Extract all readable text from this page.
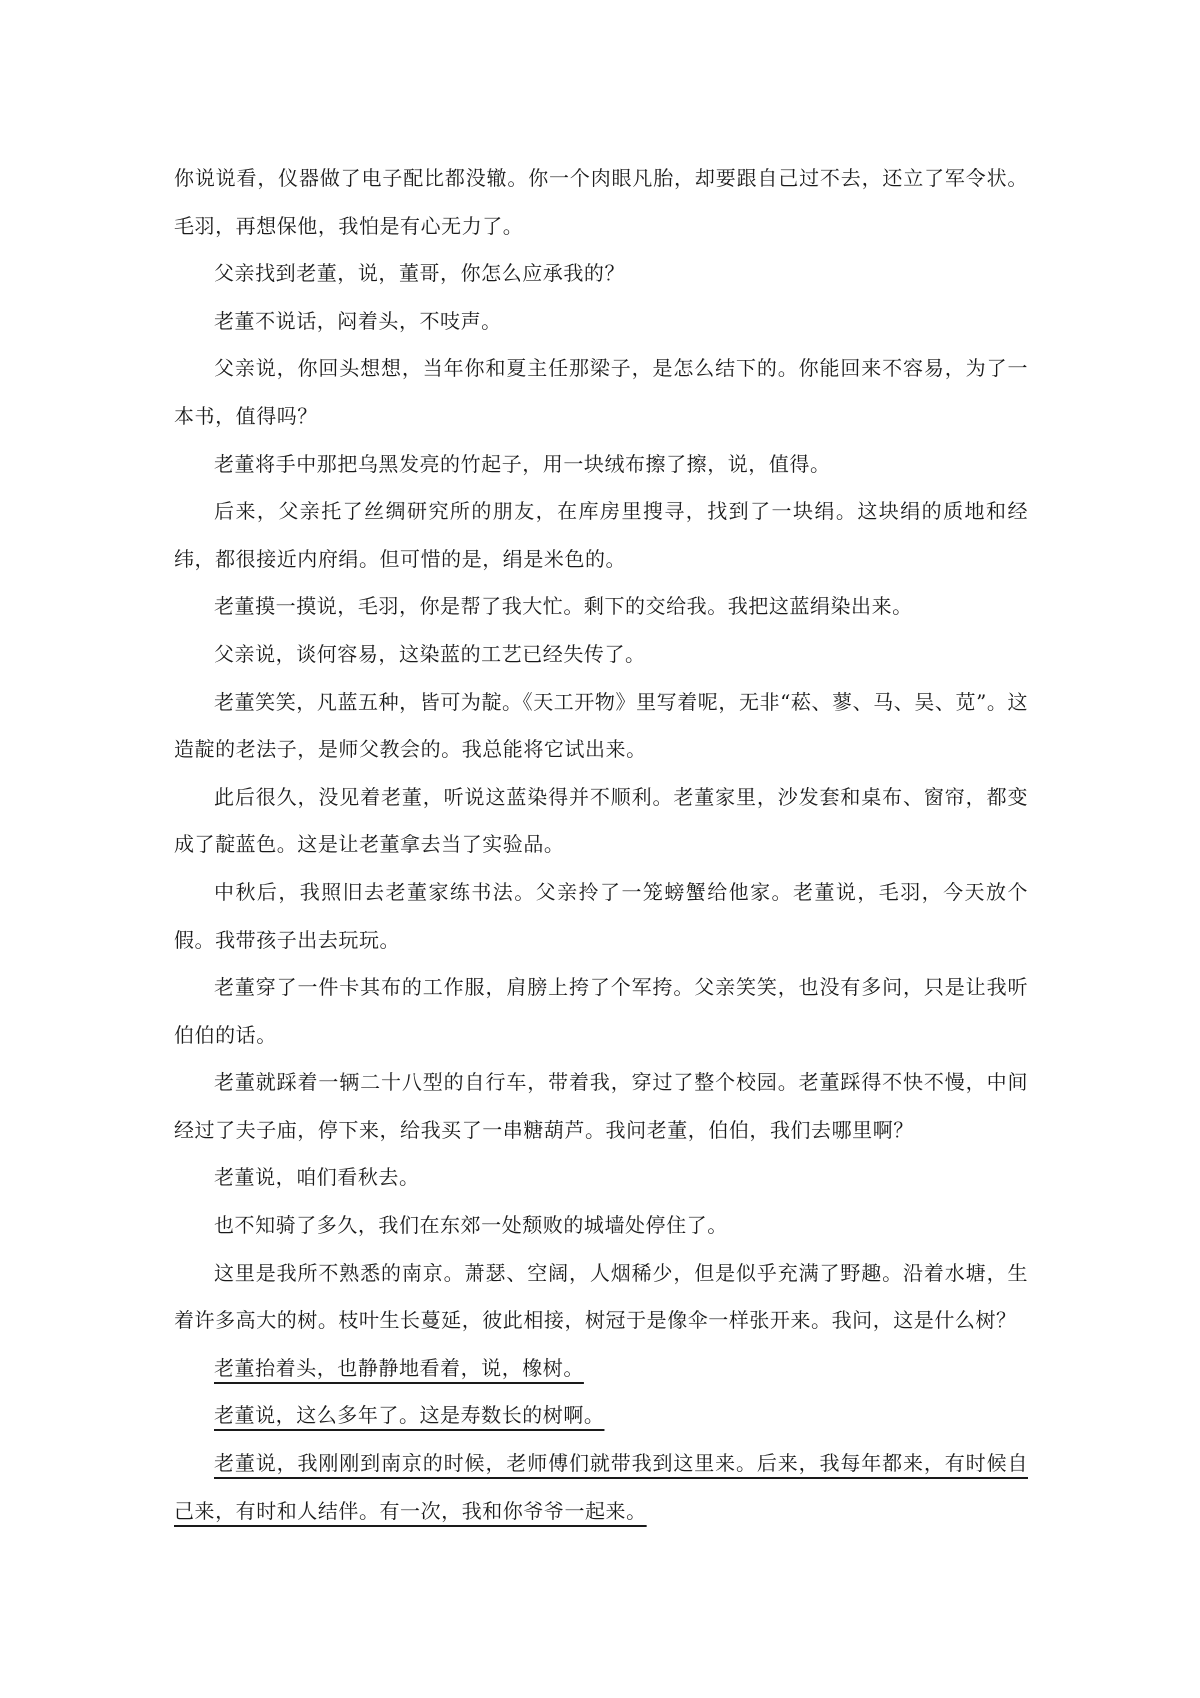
你说说看，仪器做了电子配比都没辙。你一个肉眼凡胎，却要跟自己过不去，还立了军令状。毛羽，再想保他，我怕是有心无力了。

父亲找到老董，说，董哥，你怎么应承我的？

老董不说话，闷着头，不吱声。

父亲说，你回头想想，当年你和夏主任那梁子，是怎么结下的。你能回来不容易，为了一本书，值得吗？

老董将手中那把乌黑发亮的竹起子，用一块绒布擦了擦，说，值得。

后来，父亲托了丝绸研究所的朋友，在库房里搜寻，找到了一块绢。这块绢的质地和经纬，都很接近内府绢。但可惜的是，绢是米色的。

老董摸一摸说，毛羽，你是帮了我大忙。剩下的交给我。我把这蓝绢染出来。

父亲说，谈何容易，这染蓝的工艺已经失传了。

老董笑笑，凡蓝五种，皆可为靛。《天工开物》里写着呢，无非“菘、蓼、马、吴、苋”。这造靛的老法子，是师父教会的。我总能将它试出来。

此后很久，没见着老董，听说这蓝染得并不顺利。老董家里，沙发套和桌布、窗帘，都变成了靛蓝色。这是让老董拿去当了实验品。

中秋后，我照旧去老董家练书法。父亲拎了一笼螃蟹给他家。老董说，毛羽，今天放个假。我带孩子出去玩玩。

老董穿了一件卡其布的工作服，肩膀上挎了个军挎。父亲笑笑，也没有多问，只是让我听伯伯的话。

老董就踩着一辆二十八型的自行车，带着我，穿过了整个校园。老董踩得不快不慢，中间经过了夫子庙，停下来，给我买了一串糖葫芦。我问老董，伯伯，我们去哪里啊？

老董说，咱们看秋去。

也不知骑了多久，我们在东郊一处颓败的城墙处停住了。

这里是我所不熟悉的南京。萧瑟、空阔，人烟稀少，但是似乎充满了野趣。沿着水塘，生着许多高大的树。枝叶生长蔓延，彼此相接，树冠于是像伞一样张开来。我问，这是什么树？

老董抬着头，也静静地看着，说，橡树。

老董说，这么多年了。这是寿数长的树啊。

老董说，我刚刚到南京的时候，老师傅们就带我到这里来。后来，我每年都来，有时候自己来，有时和人结伴。有一次，我和你爷爷一起来。
